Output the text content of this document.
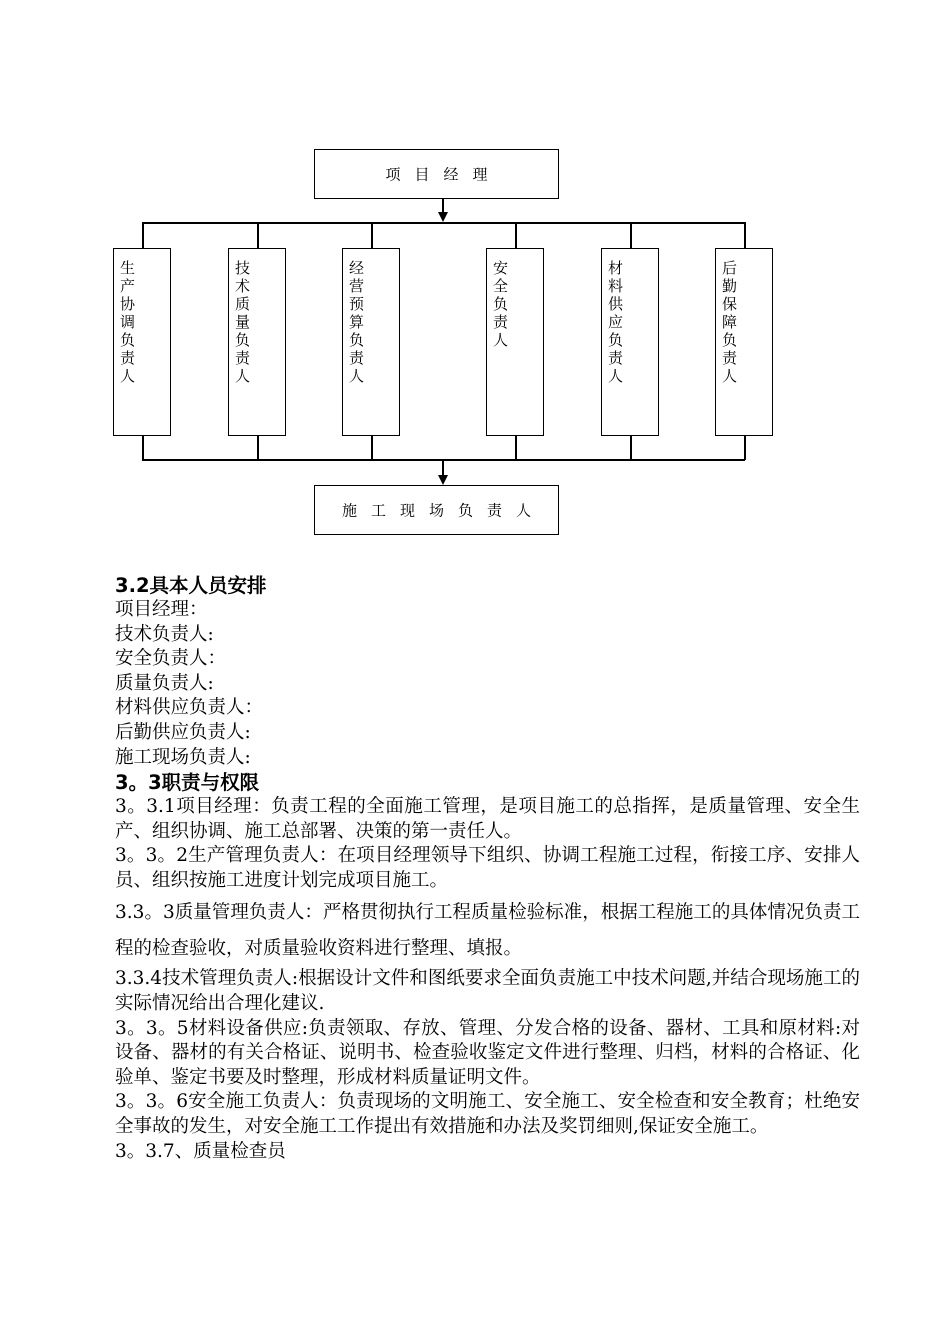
项目经理
生产协调负责人
技术质量负责人
经营预算负责人
安全负责人
材料供应负责人
后勤保障负责人
施工现场负责人
3.2具本人员安排
项目经理：
技术负责人:
安全负责人：
质量负责人:
材料供应负责人：
后勤供应负责人:
施工现场负责人:
3。3职责与权限
3。3.1项目经理：负责工程的全面施工管理，是项目施工的总指挥，是质量管理、安全生产、组织协调、施工总部署、决策的第一责任人。
3。3。2生产管理负责人：在项目经理领导下组织、协调工程施工过程，衔接工序、安排人员、组织按施工进度计划完成项目施工。
3.3。3质量管理负责人：严格贯彻执行工程质量检验标准，根据工程施工的具体情况负责工程的检查验收，对质量验收资料进行整理、填报。
3.3.4技术管理负责人:根据设计文件和图纸要求全面负责施工中技术问题,并结合现场施工的实际情况给出合理化建议.
3。3。5材料设备供应:负责领取、存放、管理、分发合格的设备、器材、工具和原材料:对设备、器材的有关合格证、说明书、检查验收鉴定文件进行整理、归档，材料的合格证、化验单、鉴定书要及时整理，形成材料质量证明文件。
3。3。6安全施工负责人：负责现场的文明施工、安全施工、安全检查和安全教育；杜绝安全事故的发生，对安全施工工作提出有效措施和办法及奖罚细则,保证安全施工。
3。3.7、质量检查员
